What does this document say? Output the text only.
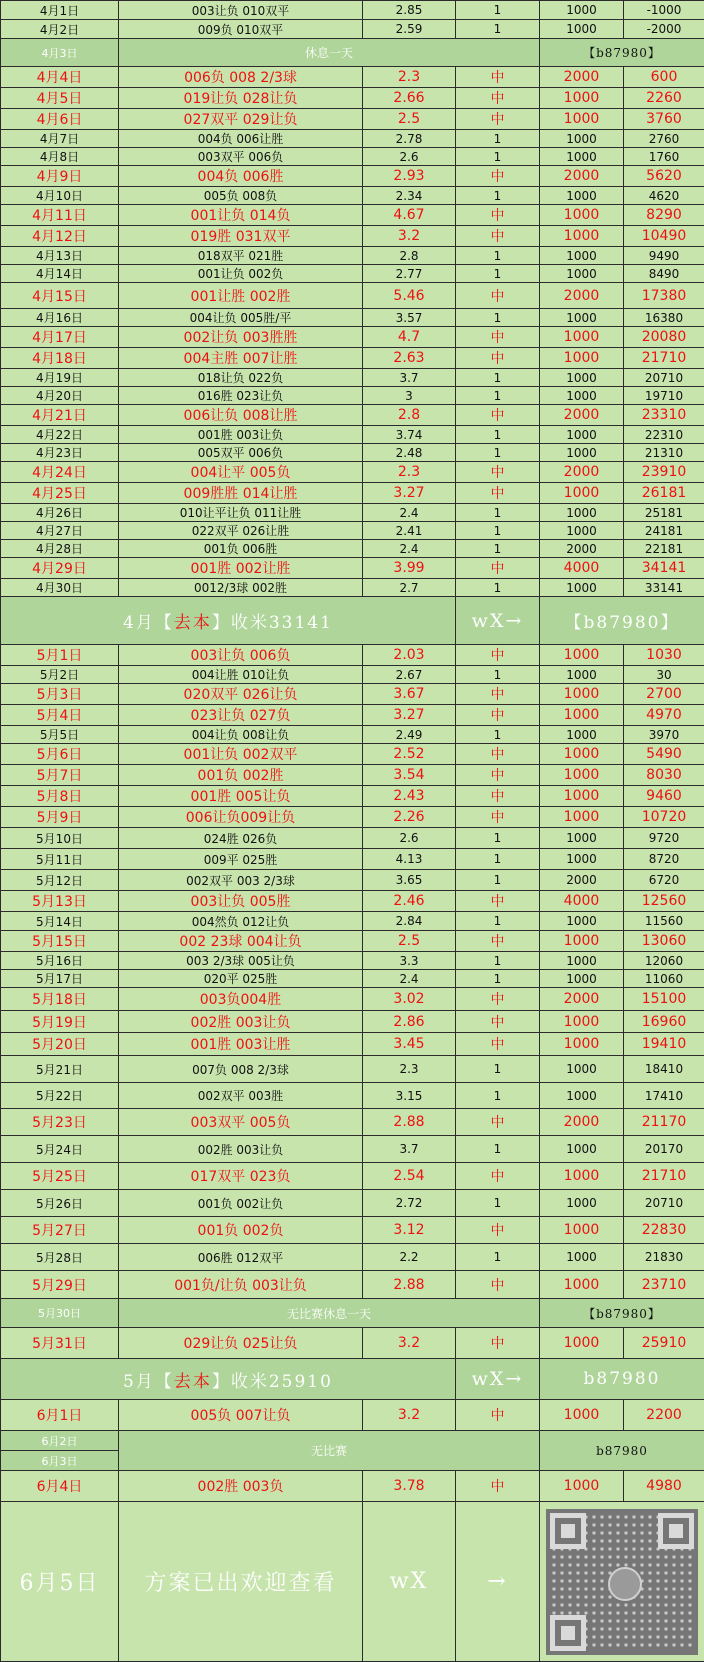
4月1日	003让负 010双平	2.85	1	1000	-1000
4月2日	009负 010双平	2.59	1	1000	-2000
4月3日	休息一天			【b87980】	
4月4日	006负 008 2/3球	2.3	中	2000	600
4月5日	019让负 028让负	2.66	中	1000	2260
4月6日	027双平 029让负	2.5	中	1000	3760
4月7日	004负 006让胜	2.78	1	1000	2760
4月8日	003双平 006负	2.6	1	1000	1760
4月9日	004负 006胜	2.93	中	2000	5620
4月10日	005负 008负	2.34	1	1000	4620
4月11日	001让负 014负	4.67	中	1000	8290
4月12日	019胜 031双平	3.2	中	1000	10490
4月13日	018双平 021胜	2.8	1	1000	9490
4月14日	001让负 002负	2.77	1	1000	8490
4月15日	001让胜 002胜	5.46	中	2000	17380
4月16日	004让负 005胜/平	3.57	1	1000	16380
4月17日	002让负 003胜胜	4.7	中	1000	20080
4月18日	004主胜 007让胜	2.63	中	1000	21710
4月19日	018让负 022负	3.7	1	1000	20710
4月20日	016胜 023让负	3	1	1000	19710
4月21日	006让负 008让胜	2.8	中	2000	23310
4月22日	001胜 003让负	3.74	1	1000	22310
4月23日	005双平 006负	2.48	1	1000	21310
4月24日	004让平 005负	2.3	中	2000	23910
4月25日	009胜胜 014让胜	3.27	中	1000	26181
4月26日	010让平让负 011让胜	2.4	1	1000	25181
4月27日	022双平 026让胜	2.41	1	1000	24181
4月28日	001负 006胜	2.4	1	2000	22181
4月29日	001胜 002让胜	3.99	中	4000	34141
4月30日	0012/3球 002胜	2.7	1	1000	33141
4月【去本】收米33141			wX→	【b87980】	
5月1日	003让负 006负	2.03	中	1000	1030
5月2日	004让胜 010让负	2.67	1	1000	30
5月3日	020双平 026让负	3.67	中	1000	2700
5月4日	023让负 027负	3.27	中	1000	4970
5月5日	004让负 008让负	2.49	1	1000	3970
5月6日	001让负 002双平	2.52	中	1000	5490
5月7日	001负 002胜	3.54	中	1000	8030
5月8日	001胜 005让负	2.43	中	1000	9460
5月9日	006让负009让负	2.26	中	1000	10720
5月10日	024胜 026负	2.6	1	1000	9720
5月11日	009平 025胜	4.13	1	1000	8720
5月12日	002双平 003 2/3球	3.65	1	2000	6720
5月13日	003让负 005胜	2.46	中	4000	12560
5月14日	004然负 012让负	2.84	1	1000	11560
5月15日	002 23球 004让负	2.5	中	1000	13060
5月16日	003 2/3球 005让负	3.3	1	1000	12060
5月17日	020平 025胜	2.4	1	1000	11060
5月18日	003负004胜	3.02	中	2000	15100
5月19日	002胜 003让负	2.86	中	1000	16960
5月20日	001胜 003让胜	3.45	中	1000	19410
5月21日	007负 008 2/3球	2.3	1	1000	18410
5月22日	002双平 003胜	3.15	1	1000	17410
5月23日	003双平 005负	2.88	中	2000	21170
5月24日	002胜 003让负	3.7	1	1000	20170
5月25日	017双平 023负	2.54	中	1000	21710
5月26日	001负 002让负	2.72	1	1000	20710
5月27日	001负 002负	3.12	中	1000	22830
5月28日	006胜 012双平	2.2	1	1000	21830
5月29日	001负/让负 003让负	2.88	中	1000	23710
5月30日	无比赛休息一天			【b87980】	
5月31日	029让负 025让负	3.2	中	1000	25910
5月【去本】收米25910			wX→	b87980	
6月1日	005负 007让负	3.2	中	1000	2200
6月2日	无比赛			b87980	
6月3日					
6月4日	002胜 003负	3.78	中	1000	4980
6月5日	方案已出欢迎查看	wX	→		
